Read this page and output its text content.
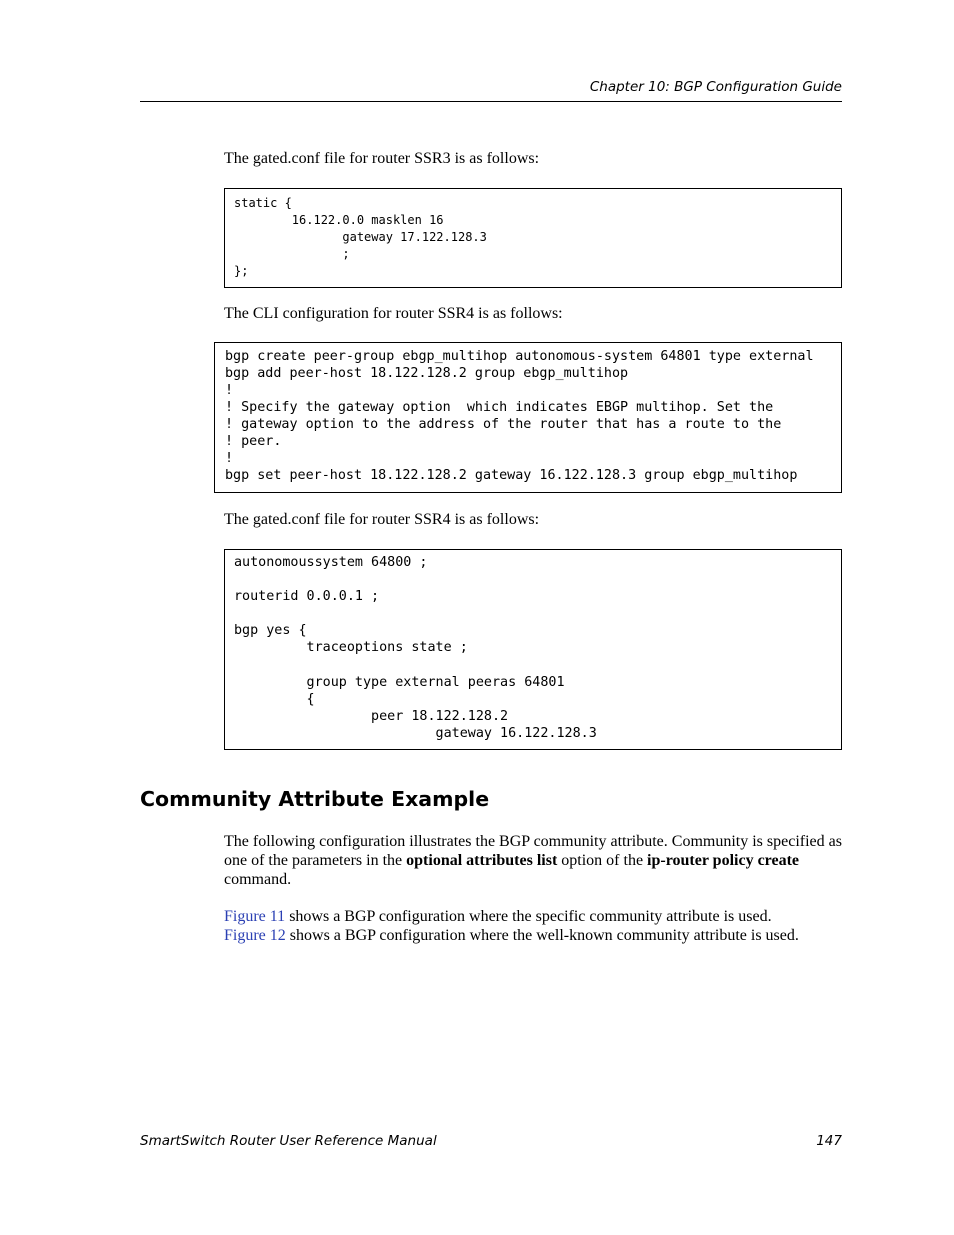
Chapter 10: BGP Configuration Guide

The gated.conf file for router SSR3 is as follows:

static {
16.122.0.0 masklen 16
gateway 17.122.128.3
;
};

The CLI configuration for router SSR4 is as follows:

bgp create peer-group ebgp_multihop autonomous-system 64801 type external
bgp add peer-host 18.122.128.2 group ebgp_multihop
!
! Specify the gateway option  which indicates EBGP multihop. Set the
! gateway option to the address of the router that has a route to the
! peer.
!
bgp set peer-host 18.122.128.2 gateway 16.122.128.3 group ebgp_multihop

The gated.conf file for router SSR4 is as follows:

autonomoussystem 64800 ;

routerid 0.0.0.1 ;

bgp yes {
traceoptions state ;

group type external peeras 64801
{
peer 18.122.128.2
gateway 16.122.128.3
Community Attribute Example

The following configuration illustrates the BGP community attribute. Community is specified as one of the parameters in the optional attributes list option of the ip-router policy create command.

Figure 11 shows a BGP configuration where the specific community attribute is used.
Figure 12 shows a BGP configuration where the well-known community attribute is used.

SmartSwitch Router User Reference Manual	147
